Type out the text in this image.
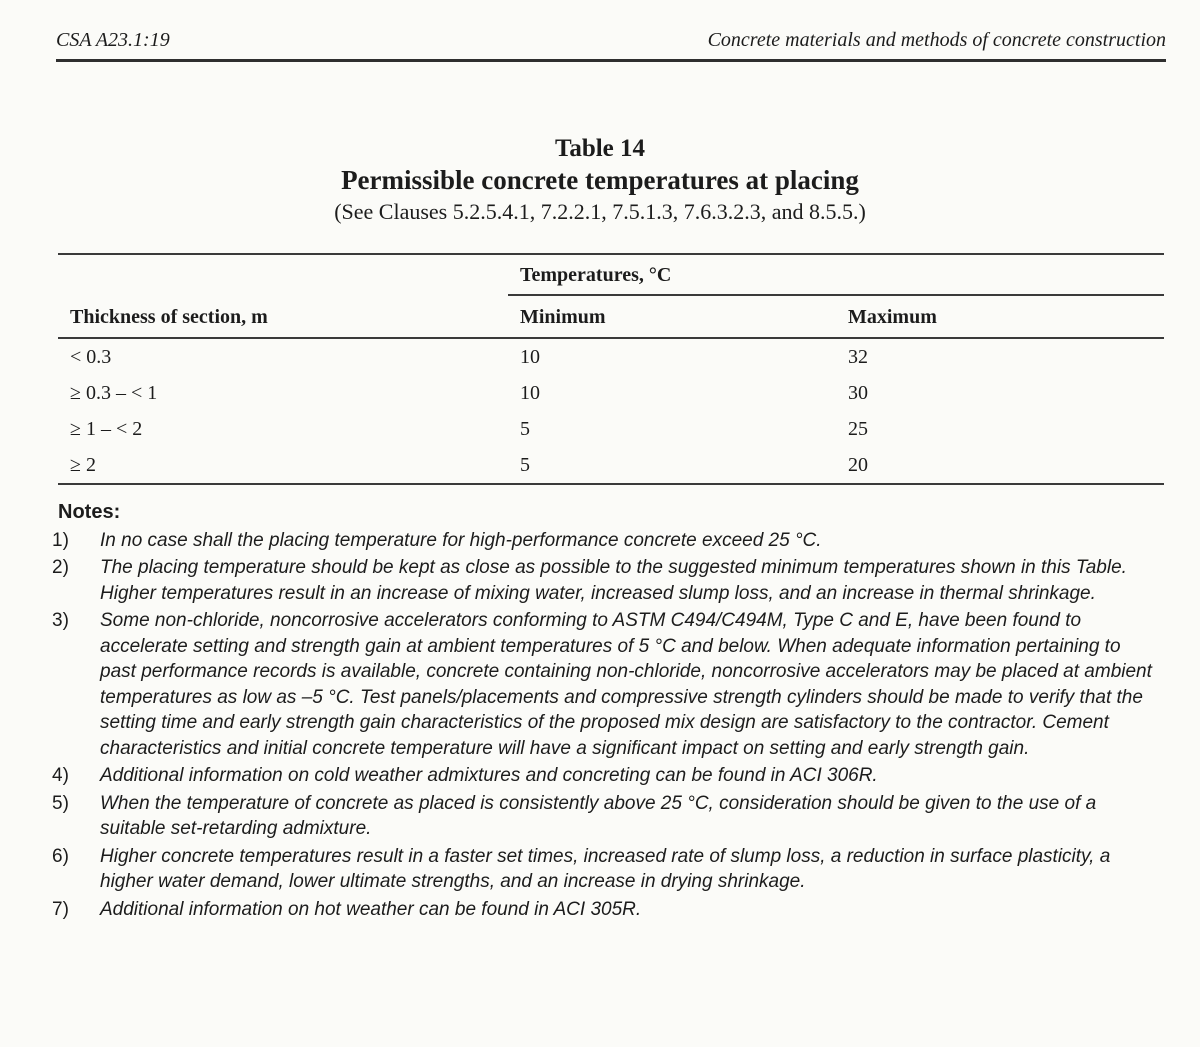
CSA A23.1:19	Concrete materials and methods of concrete construction
Table 14
Permissible concrete temperatures at placing
(See Clauses 5.2.5.4.1, 7.2.2.1, 7.5.1.3, 7.6.3.2.3, and 8.5.5.)
Temperatures, °C
Thickness of section, m	Minimum	Maximum
< 0.3	10	32
≥ 0.3 – < 1	10	30
≥ 1 – < 2	5	25
≥ 2	5	20
Notes:
1)	In no case shall the placing temperature for high-performance concrete exceed 25 °C.
2)	The placing temperature should be kept as close as possible to the suggested minimum temperatures shown in this Table. Higher temperatures result in an increase of mixing water, increased slump loss, and an increase in thermal shrinkage.
3)	Some non-chloride, noncorrosive accelerators conforming to ASTM C494/C494M, Type C and E, have been found to accelerate setting and strength gain at ambient temperatures of 5 °C and below. When adequate information pertaining to past performance records is available, concrete containing non-chloride, noncorrosive accelerators may be placed at ambient temperatures as low as –5 °C. Test panels/placements and compressive strength cylinders should be made to verify that the setting time and early strength gain characteristics of the proposed mix design are satisfactory to the contractor. Cement characteristics and initial concrete temperature will have a significant impact on setting and early strength gain.
4)	Additional information on cold weather admixtures and concreting can be found in ACI 306R.
5)	When the temperature of concrete as placed is consistently above 25 °C, consideration should be given to the use of a suitable set-retarding admixture.
6)	Higher concrete temperatures result in a faster set times, increased rate of slump loss, a reduction in surface plasticity, a higher water demand, lower ultimate strengths, and an increase in drying shrinkage.
7)	Additional information on hot weather can be found in ACI 305R.
